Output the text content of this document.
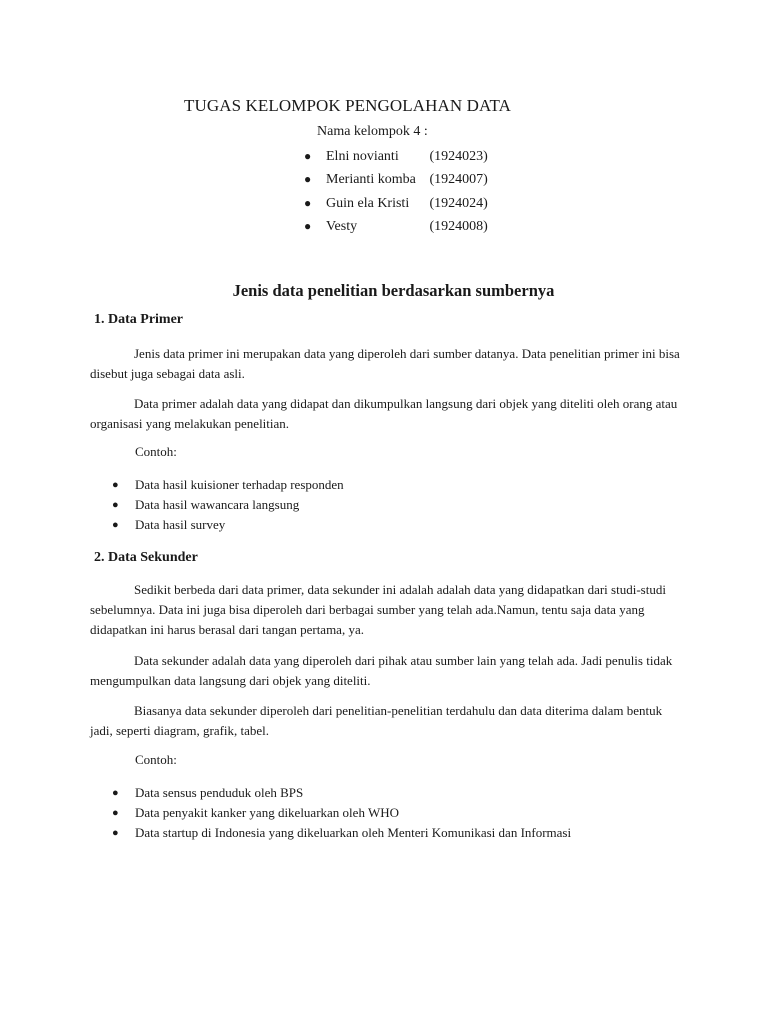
TUGAS KELOMPOK PENGOLAHAN DATA
Nama kelompok 4 :
● Elni novianti (1924023)
● Merianti komba (1924007)
● Guin ela Kristi (1924024)
● Vesty	(1924008)
Jenis data penelitian berdasarkan sumbernya
1. Data Primer

Jenis data primer ini merupakan data yang diperoleh dari sumber datanya. Data penelitian primer ini bisa disebut juga sebagai data asli.

Data primer adalah data yang didapat dan dikumpulkan langsung dari objek yang diteliti oleh orang atau organisasi yang melakukan penelitian.

Contoh:
● Data hasil kuisioner terhadap responden
● Data hasil wawancara langsung
● Data hasil survey
2. Data Sekunder

Sedikit berbeda dari data primer, data sekunder ini adalah adalah data yang didapatkan dari studi-studi sebelumnya. Data ini juga bisa diperoleh dari berbagai sumber yang telah ada.Namun, tentu saja data yang didapatkan ini harus berasal dari tangan pertama, ya.

Data sekunder adalah data yang diperoleh dari pihak atau sumber lain yang telah ada. Jadi penulis tidak mengumpulkan data langsung dari objek yang diteliti.

Biasanya data sekunder diperoleh dari penelitian-penelitian terdahulu dan data diterima dalam bentuk jadi, seperti diagram, grafik, tabel.

Contoh:
● Data sensus penduduk oleh BPS
● Data penyakit kanker yang dikeluarkan oleh WHO
● Data startup di Indonesia yang dikeluarkan oleh Menteri Komunikasi dan Informasi
